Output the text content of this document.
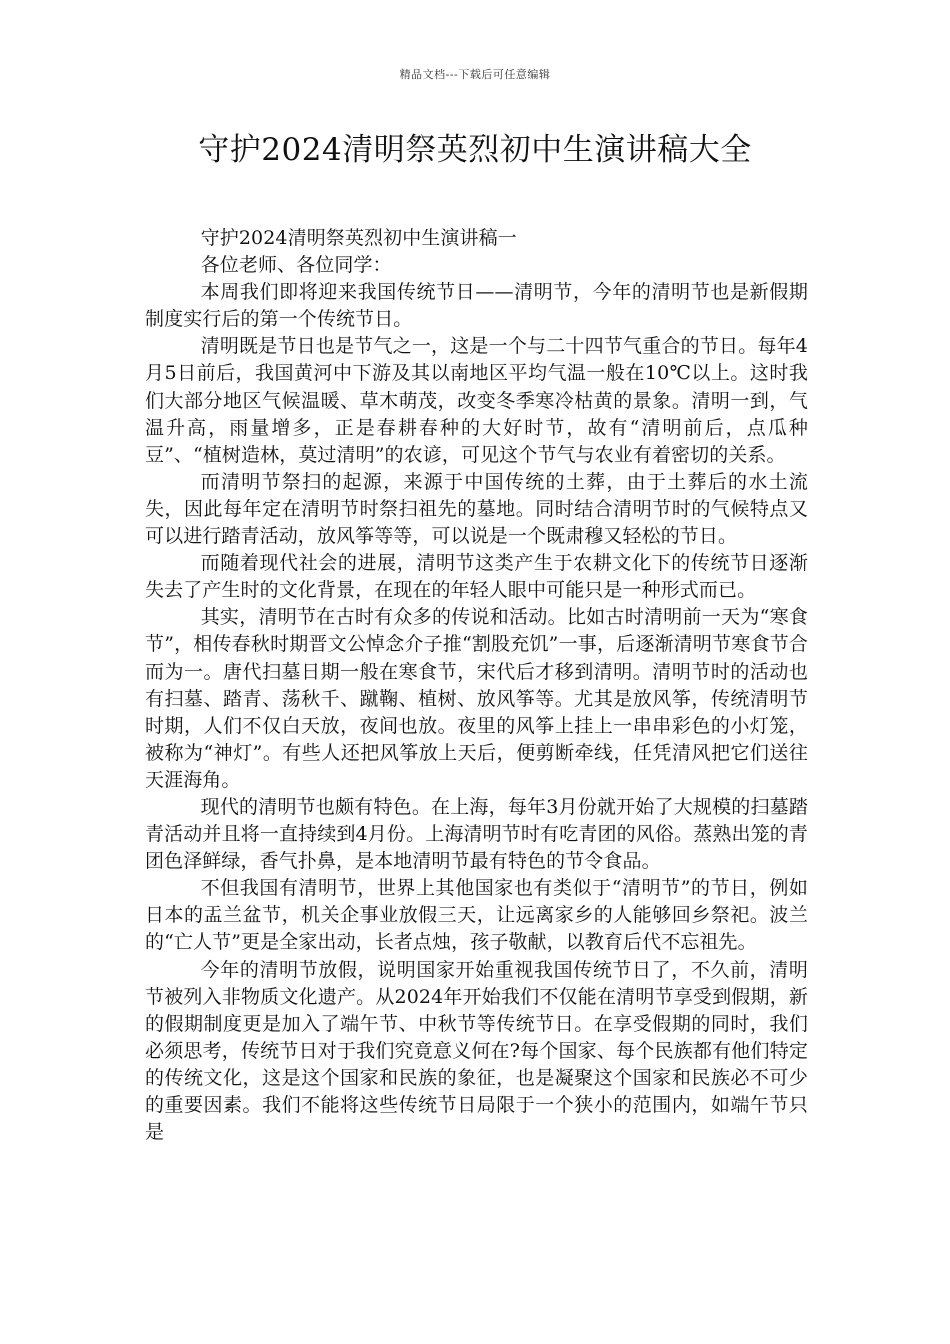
精品文档---下载后可任意编辑
守护2024清明祭英烈初中生演讲稿大全

守护2024清明祭英烈初中生演讲稿一

各位老师、各位同学：

本周我们即将迎来我国传统节日——清明节，今年的清明节也是新假期制度实行后的第一个传统节日。

清明既是节日也是节气之一，这是一个与二十四节气重合的节日。每年4月5日前后，我国黄河中下游及其以南地区平均气温一般在10℃以上。这时我们大部分地区气候温暖、草木萌茂，改变冬季寒冷枯黄的景象。清明一到，气温升高，雨量增多，正是春耕春种的大好时节，故有“清明前后，点瓜种豆”、“植树造林，莫过清明”的农谚，可见这个节气与农业有着密切的关系。

而清明节祭扫的起源，来源于中国传统的土葬，由于土葬后的水土流失，因此每年定在清明节时祭扫祖先的墓地。同时结合清明节时的气候特点又可以进行踏青活动，放风筝等等，可以说是一个既肃穆又轻松的节日。

而随着现代社会的进展，清明节这类产生于农耕文化下的传统节日逐渐失去了产生时的文化背景，在现在的年轻人眼中可能只是一种形式而已。

其实，清明节在古时有众多的传说和活动。比如古时清明前一天为“寒食节”，相传春秋时期晋文公悼念介子推“割股充饥”一事，后逐渐清明节寒食节合而为一。唐代扫墓日期一般在寒食节，宋代后才移到清明。清明节时的活动也有扫墓、踏青、荡秋千、蹴鞠、植树、放风筝等。尤其是放风筝，传统清明节时期，人们不仅白天放，夜间也放。夜里的风筝上挂上一串串彩色的小灯笼，被称为“神灯”。有些人还把风筝放上天后，便剪断牵线，任凭清风把它们送往天涯海角。

现代的清明节也颇有特色。在上海，每年3月份就开始了大规模的扫墓踏青活动并且将一直持续到4月份。上海清明节时有吃青团的风俗。蒸熟出笼的青团色泽鲜绿，香气扑鼻，是本地清明节最有特色的节令食品。

不但我国有清明节，世界上其他国家也有类似于“清明节”的节日，例如日本的盂兰盆节，机关企事业放假三天，让远离家乡的人能够回乡祭祀。波兰的“亡人节”更是全家出动，长者点烛，孩子敬献，以教育后代不忘祖先。

今年的清明节放假，说明国家开始重视我国传统节日了，不久前，清明节被列入非物质文化遗产。从2024年开始我们不仅能在清明节享受到假期，新的假期制度更是加入了端午节、中秋节等传统节日。在享受假期的同时，我们必须思考，传统节日对于我们究竟意义何在?每个国家、每个民族都有他们特定的传统文化，这是这个国家和民族的象征，也是凝聚这个国家和民族必不可少的重要因素。我们不能将这些传统节日局限于一个狭小的范围内，如端午节只是
